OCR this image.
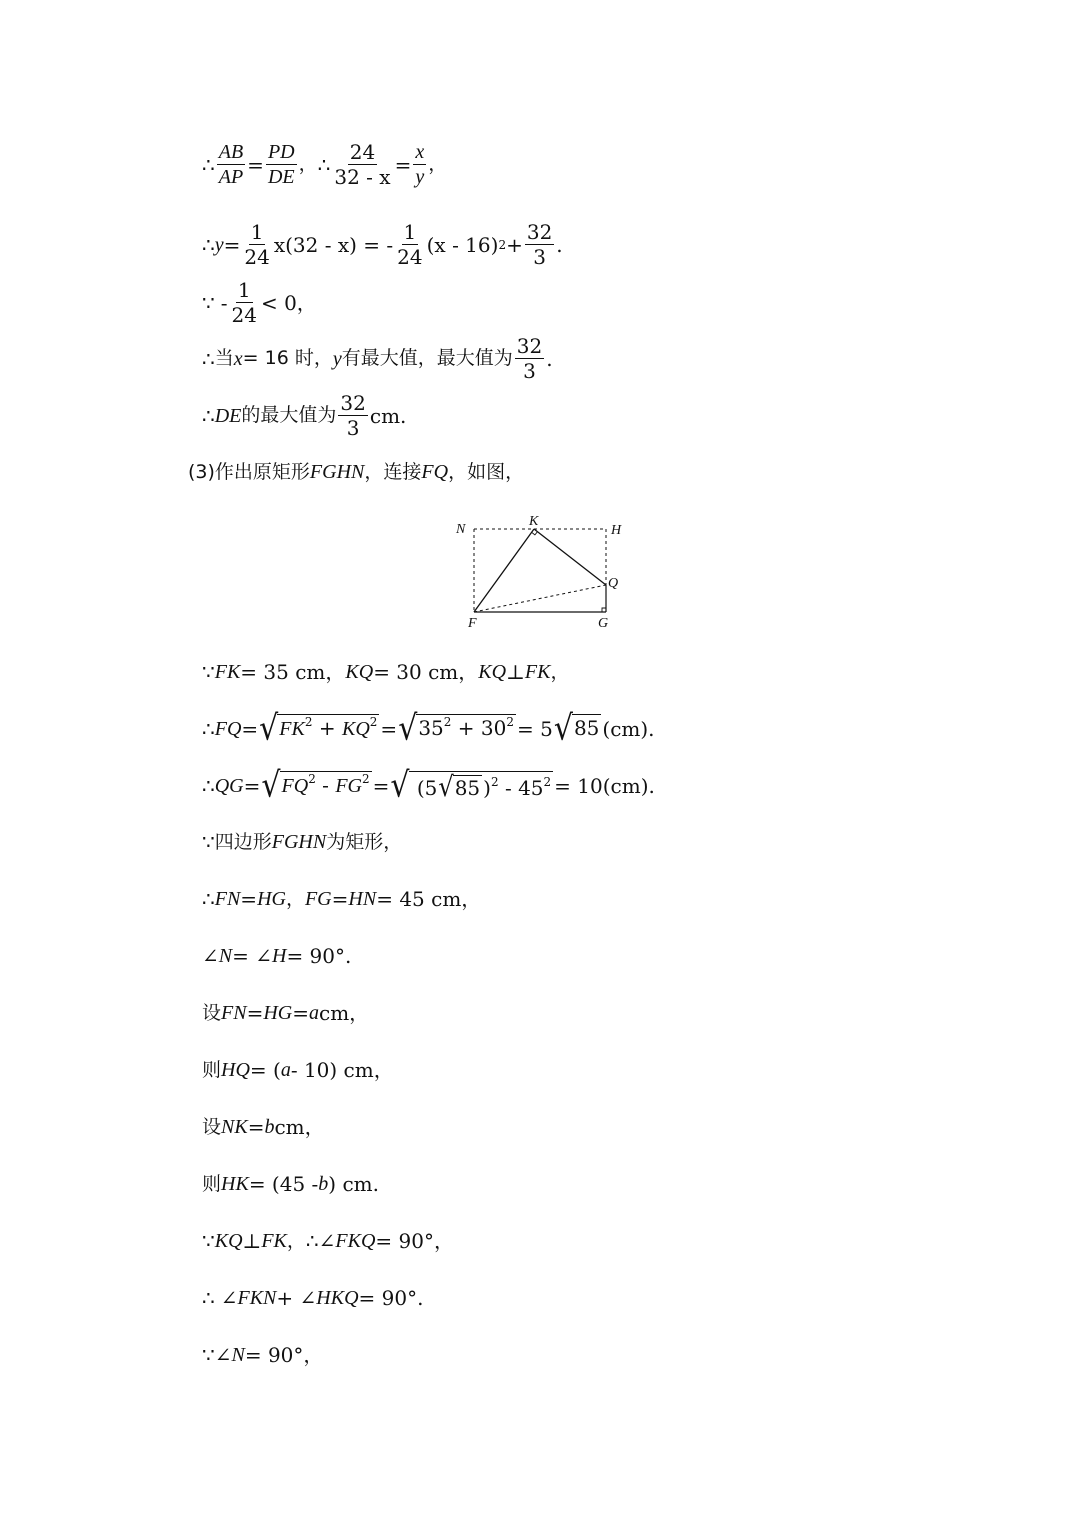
∴ $\frac{AB}{AP} = \frac{PD}{DE}$ ， ∴ $\frac{24}{32 - x} = \frac{x}{y}$ ，
∴ $y = \frac{1}{24} x(32 - x)$ = - $\frac{1}{24} (x - 16) 2 + \frac{32}{3}$ .
∵ - $\frac{1}{24} < 0$，
∴ 当 x = 16 时， y 有最大值，最大值为 $\frac{32}{3}$ .
∴ DE 的最大值为 $\frac{32}{3}$ cm.
(3)作出原矩形 FGHN ，连接 FQ ，如图，
N
K
H
Q
F	G
∵ FK = 35 cm， KQ = 30 cm， KQ ⊥ FK ，
∴ FQ = √ $FK^2 + KQ^2$ = √ $35^2 + 30^2 = 5$ √ 85 (cm).
∴ QG = √ $FQ^2 - FG^2$ = √ (5 √ 85 )$^2 - 45^2 = 10(cm)$.
∵ 四边形 FGHN 为矩形，
∴ FN = HG ， FG = HN = 45 cm，
∠ N = ∠ H = 90°.
设 FN = HG = a cm，
则 HQ = ( a - 10) cm，
设 NK = b cm，
则 HK = (45 - b ) cm.
∵ KQ ⊥ FK ， ∴ ∠ FKQ = 90°，
∴ ∠ FKN + ∠ HKQ = 90°.
∵ ∠ N = 90°，
